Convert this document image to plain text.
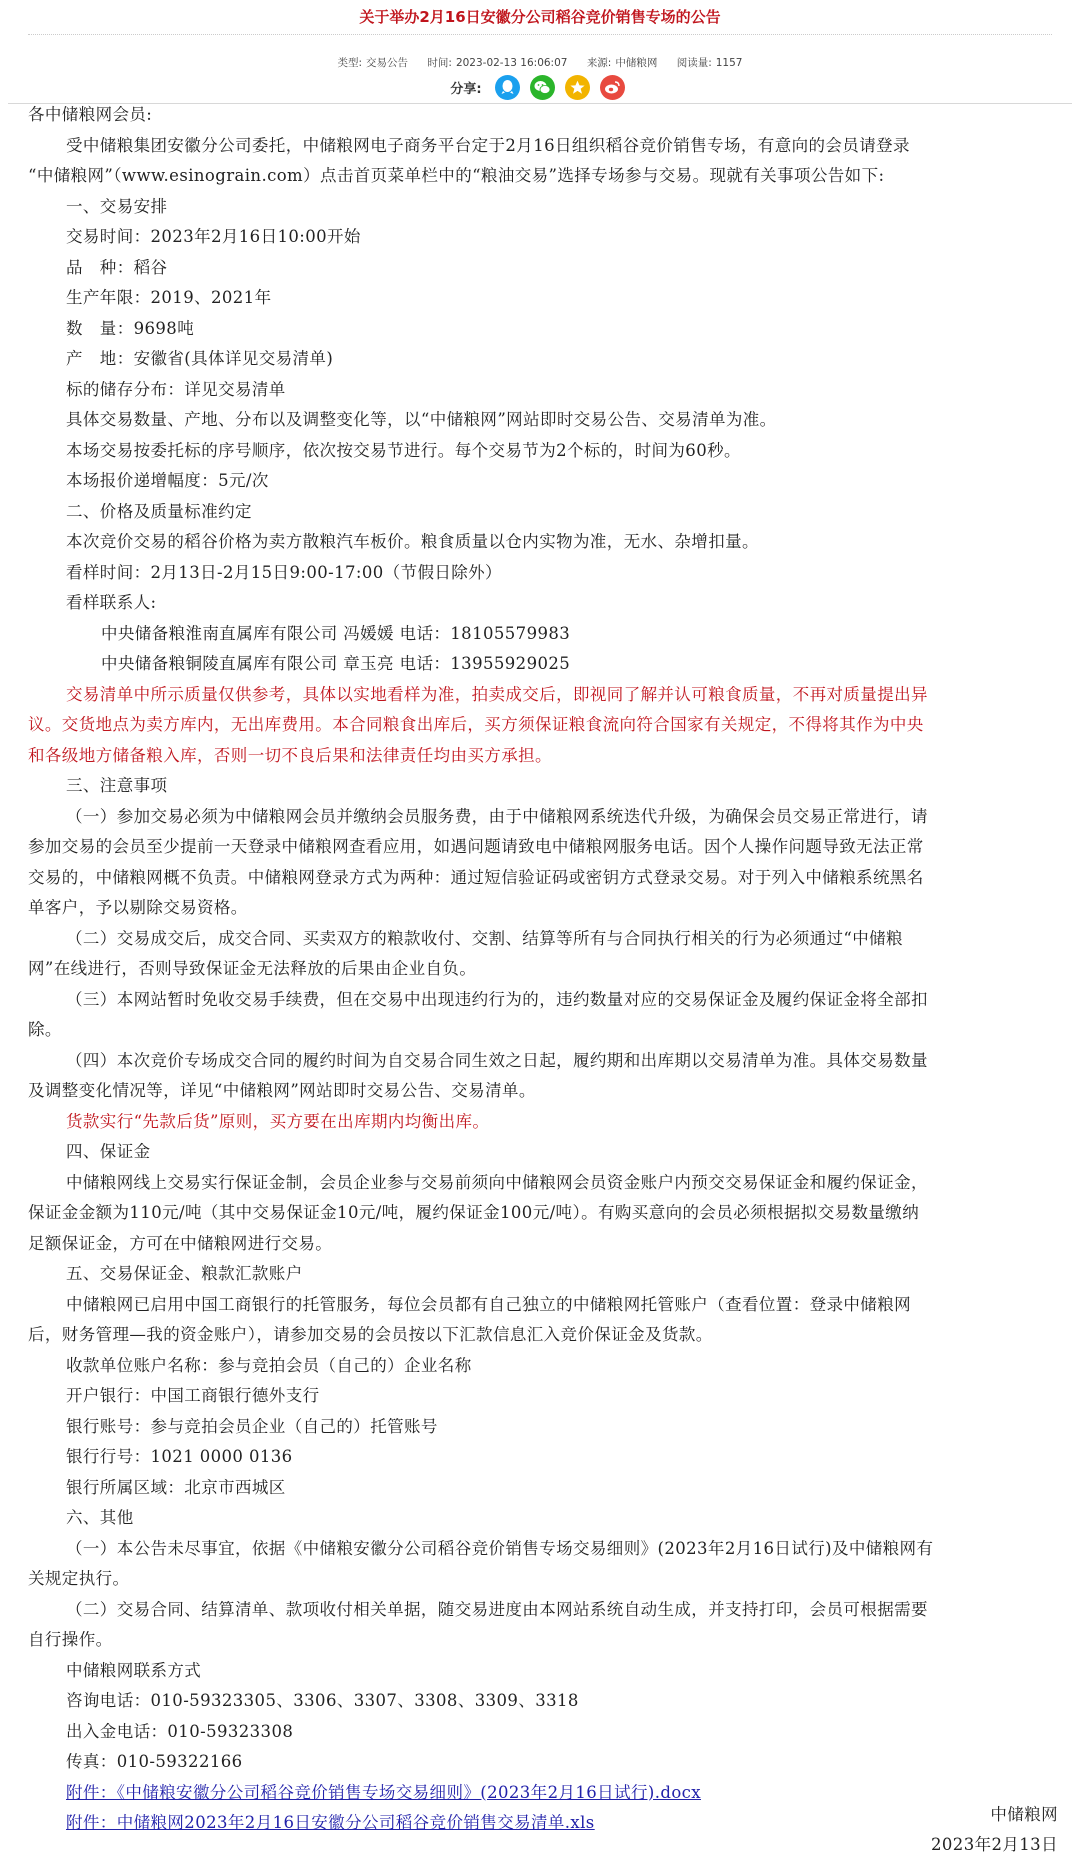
关于举办2月16日安徽分公司稻谷竞价销售专场的公告
类型: 交易公告 时间: 2023-02-13 16:06:07 来源: 中储粮网 阅读量: 1157
分享:

各中储粮网会员:

受中储粮集团安徽分公司委托，中储粮网电子商务平台定于2月16日组织稻谷竞价销售专场，有意向的会员请登录

“中储粮网”（www.esinograin.com）点击首页菜单栏中的“粮油交易”选择专场参与交易。现就有关事项公告如下:

一、交易安排

交易时间：2023年2月16日10:00开始

品　种：稻谷

生产年限：2019、2021年

数　量：9698吨

产　地：安徽省(具体详见交易清单)

标的储存分布：详见交易清单

具体交易数量、产地、分布以及调整变化等，以“中储粮网”网站即时交易公告、交易清单为准。

本场交易按委托标的序号顺序，依次按交易节进行。每个交易节为2个标的，时间为60秒。

本场报价递增幅度：5元/次

二、价格及质量标准约定

本次竞价交易的稻谷价格为卖方散粮汽车板价。粮食质量以仓内实物为准，无水、杂增扣量。

看样时间：2月13日-2月15日9:00-17:00（节假日除外）

看样联系人:

中央储备粮淮南直属库有限公司 冯媛媛 电话：18105579983

中央储备粮铜陵直属库有限公司 章玉亮 电话：13955929025

交易清单中所示质量仅供参考，具体以实地看样为准，拍卖成交后，即视同了解并认可粮食质量，不再对质量提出异

议。交货地点为卖方库内，无出库费用。本合同粮食出库后，买方须保证粮食流向符合国家有关规定，不得将其作为中央

和各级地方储备粮入库，否则一切不良后果和法律责任均由买方承担。

三、注意事项

（一）参加交易必须为中储粮网会员并缴纳会员服务费，由于中储粮网系统迭代升级，为确保会员交易正常进行，请

参加交易的会员至少提前一天登录中储粮网查看应用，如遇问题请致电中储粮网服务电话。因个人操作问题导致无法正常

交易的，中储粮网概不负责。中储粮网登录方式为两种：通过短信验证码或密钥方式登录交易。对于列入中储粮系统黑名

单客户，予以剔除交易资格。

（二）交易成交后，成交合同、买卖双方的粮款收付、交割、结算等所有与合同执行相关的行为必须通过“中储粮

网”在线进行，否则导致保证金无法释放的后果由企业自负。

（三）本网站暂时免收交易手续费，但在交易中出现违约行为的，违约数量对应的交易保证金及履约保证金将全部扣

除。

（四）本次竞价专场成交合同的履约时间为自交易合同生效之日起，履约期和出库期以交易清单为准。具体交易数量

及调整变化情况等，详见“中储粮网”网站即时交易公告、交易清单。

货款实行“先款后货”原则，买方要在出库期内均衡出库。

四、保证金

中储粮网线上交易实行保证金制，会员企业参与交易前须向中储粮网会员资金账户内预交交易保证金和履约保证金，

保证金金额为110元/吨（其中交易保证金10元/吨，履约保证金100元/吨）。有购买意向的会员必须根据拟交易数量缴纳

足额保证金，方可在中储粮网进行交易。

五、交易保证金、粮款汇款账户

中储粮网已启用中国工商银行的托管服务，每位会员都有自己独立的中储粮网托管账户（查看位置：登录中储粮网

后，财务管理—我的资金账户），请参加交易的会员按以下汇款信息汇入竞价保证金及货款。

收款单位账户名称：参与竞拍会员（自己的）企业名称

开户银行：中国工商银行德外支行

银行账号：参与竞拍会员企业（自己的）托管账号

银行行号：1021 0000 0136

银行所属区域：北京市西城区

六、其他

（一）本公告未尽事宜，依据《中储粮安徽分公司稻谷竞价销售专场交易细则》(2023年2月16日试行)及中储粮网有

关规定执行。

（二）交易合同、结算清单、款项收付相关单据，随交易进度由本网站系统自动生成，并支持打印，会员可根据需要

自行操作。

中储粮网联系方式

咨询电话：010-59323305、3306、3307、3308、3309、3318

出入金电话：010-59323308

传真：010-59322166

附件：《中储粮安徽分公司稻谷竞价销售专场交易细则》(2023年2月16日试行).docx

附件：中储粮网2023年2月16日安徽分公司稻谷竞价销售交易清单.xls	中储粮网
2023年2月13日
